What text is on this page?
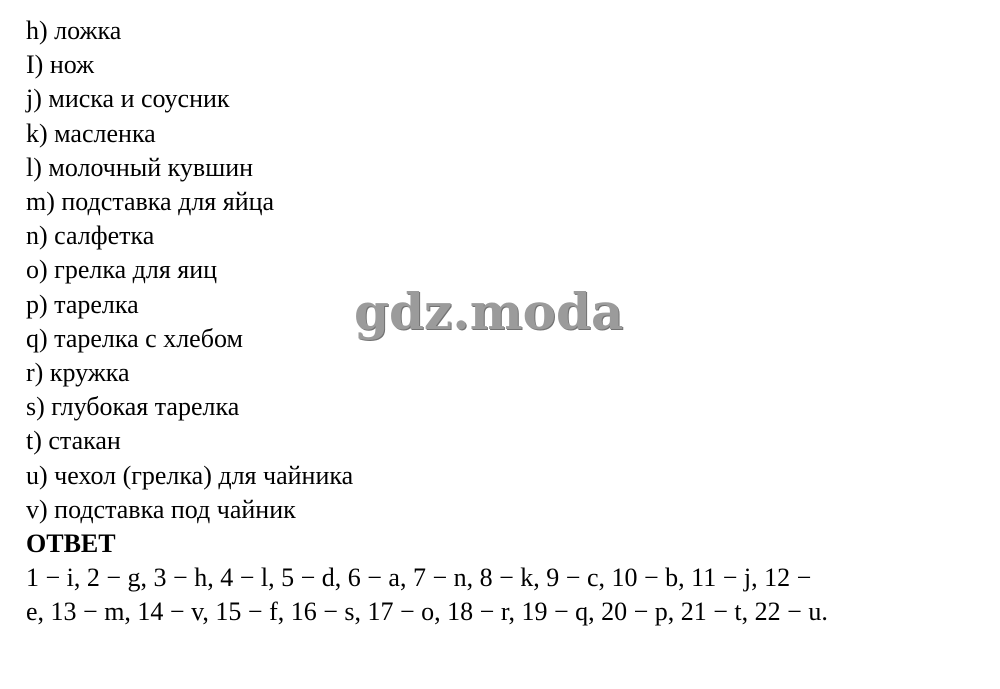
h) ложка
I) нож
j) миска и соусник
k) масленка
l) молочный кувшин
m) подставка для яйца
n) салфетка
o) грелка для яиц
p) тарелка
q) тарелка с хлебом
r) кружка
s) глубокая тарелка
t) стакан
u) чехол (грелка) для чайника
v) подставка под чайник
ОТВЕТ
1 − i, 2 − g, 3 − h, 4 − l, 5 − d, 6 − a, 7 − n, 8 − k, 9 − c, 10 − b, 11 − j, 12 −
e, 13 − m, 14 − v, 15 − f, 16 − s, 17 − o, 18 − r, 19 − q, 20 − p, 21 − t, 22 − u.
gdz.moda
